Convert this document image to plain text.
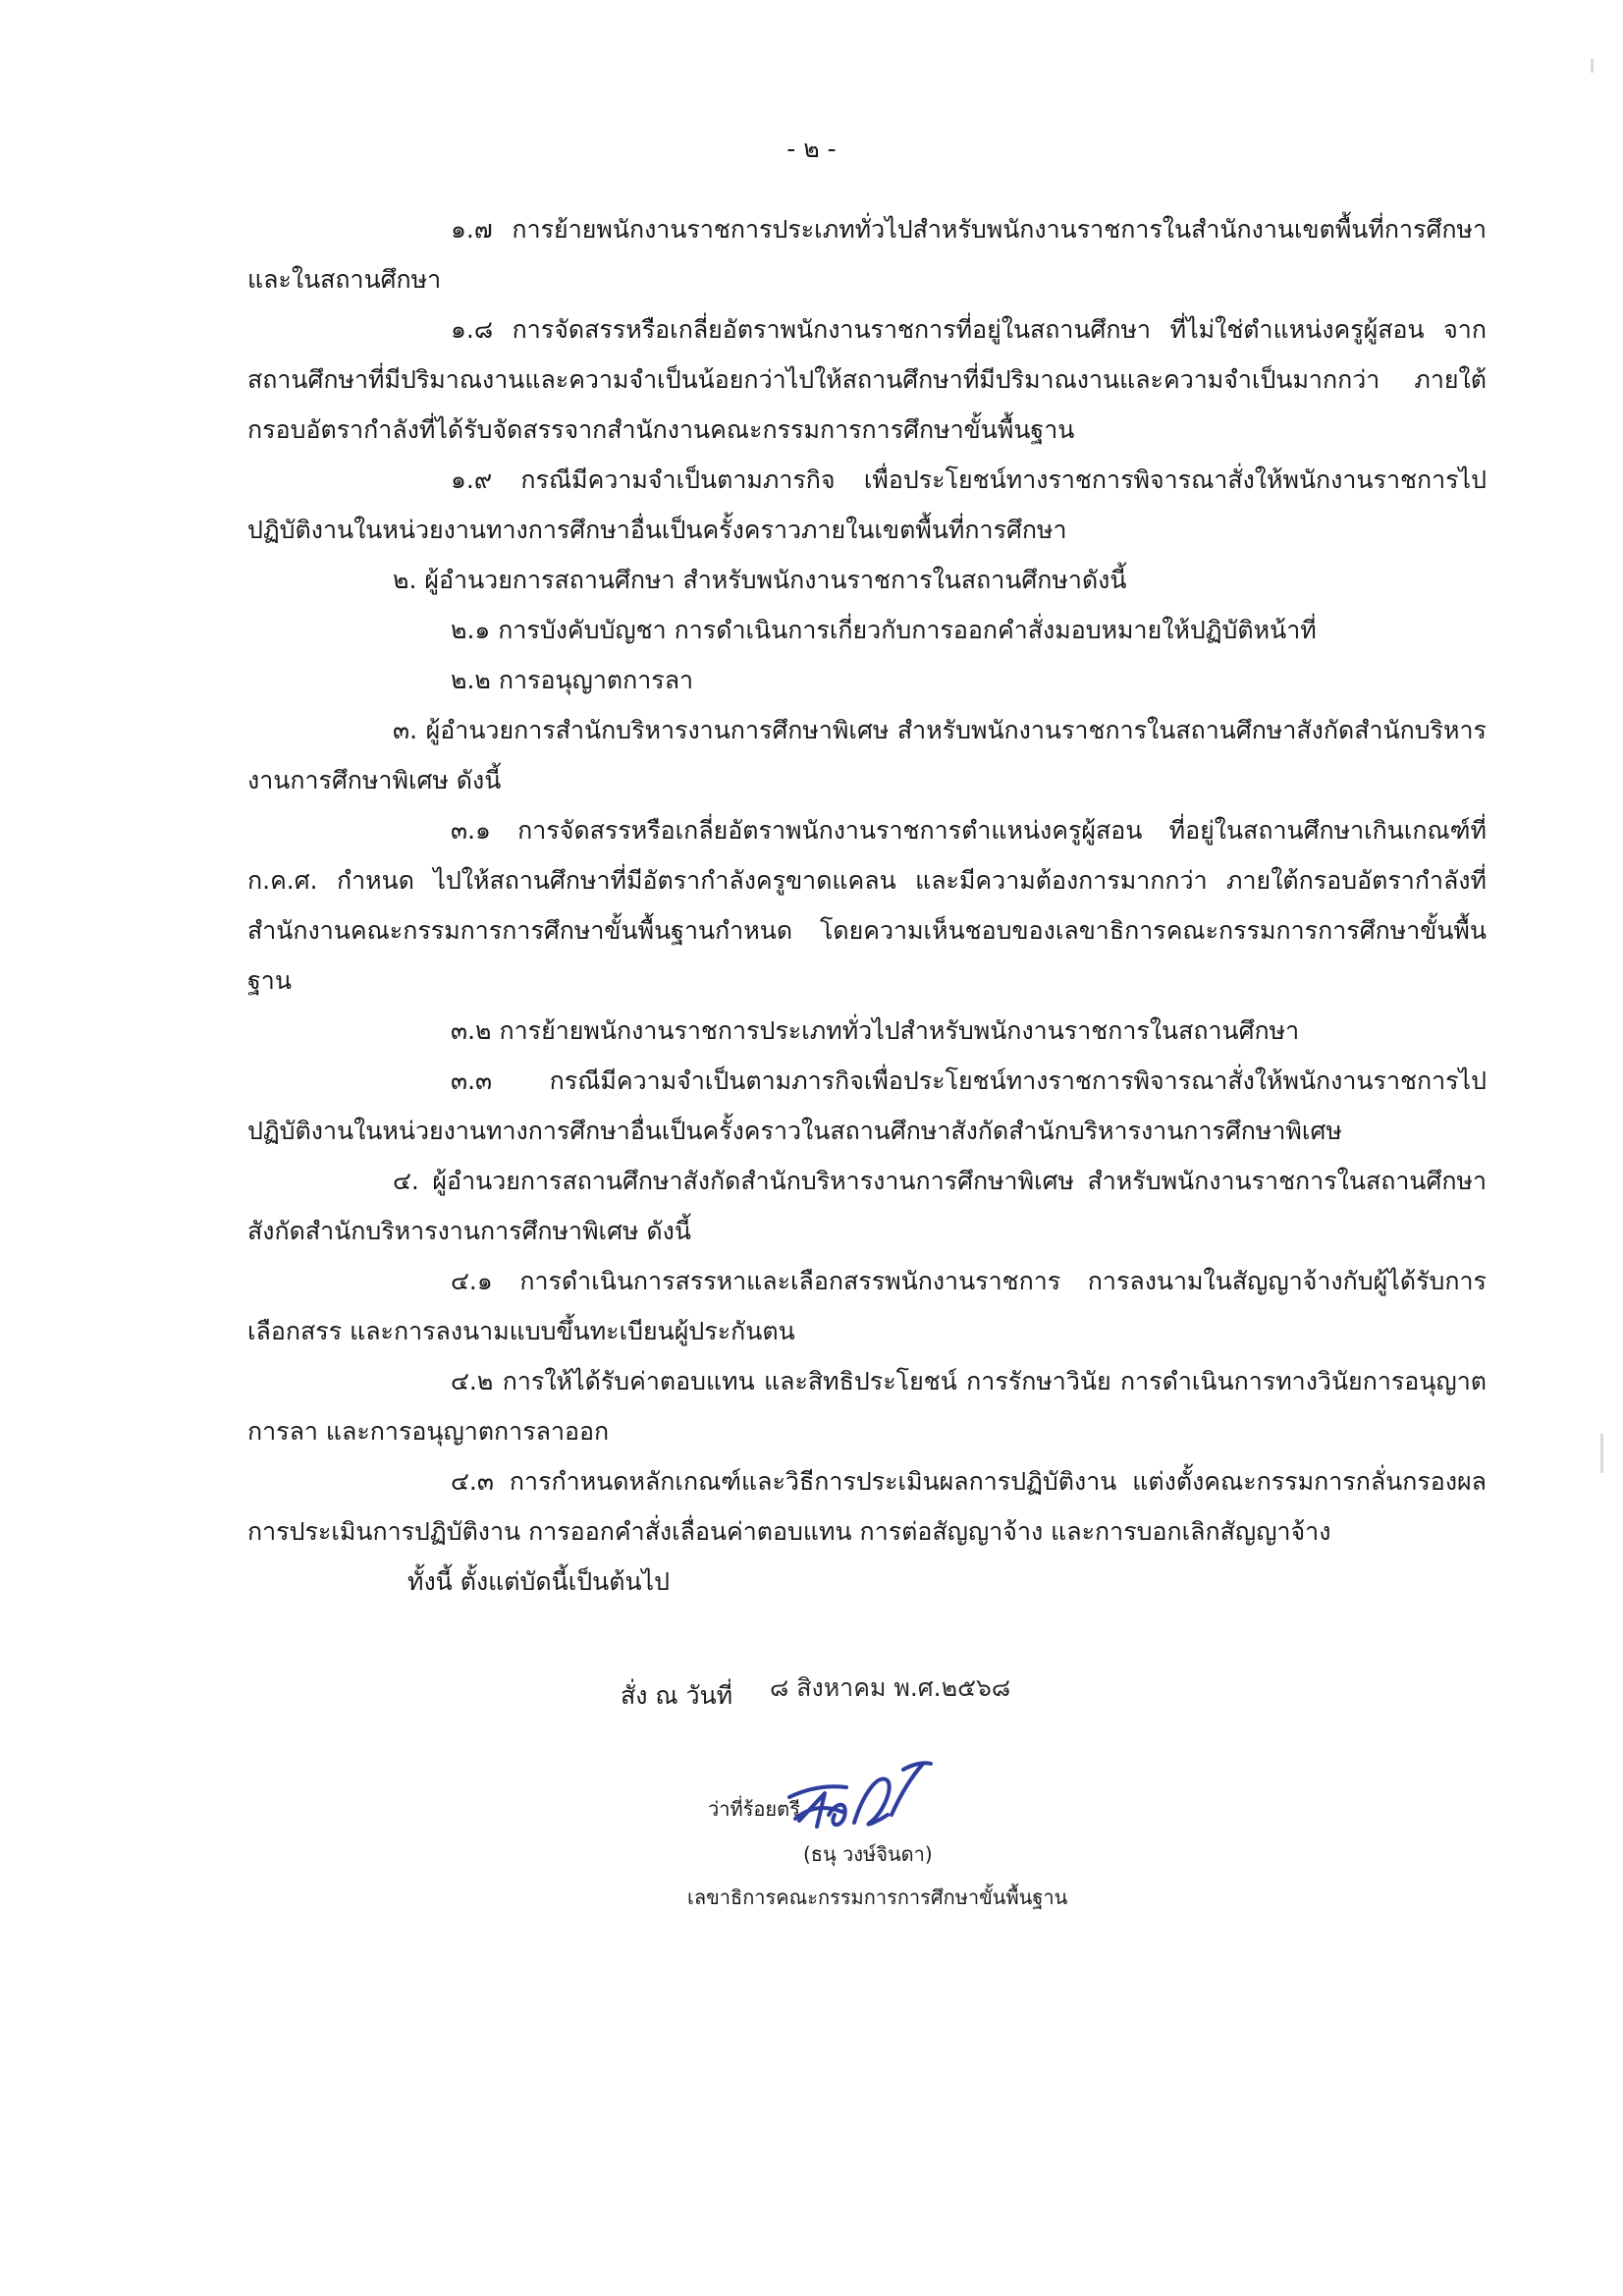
- ๒ -

๑.๗ การย้ายพนักงานราชการประเภททั่วไปสำหรับพนักงานราชการในสำนักงานเขตพื้นที่การศึกษาและในสถานศึกษา

๑.๘ การจัดสรรหรือเกลี่ยอัตราพนักงานราชการที่อยู่ในสถานศึกษา ที่ไม่ใช่ตำแหน่งครูผู้สอน จากสถานศึกษาที่มีปริมาณงานและความจำเป็นน้อยกว่าไปให้สถานศึกษาที่มีปริมาณงานและความจำเป็นมากกว่า ภายใต้กรอบอัตรากำลังที่ได้รับจัดสรรจากสำนักงานคณะกรรมการการศึกษาขั้นพื้นฐาน

๑.๙ กรณีมีความจำเป็นตามภารกิจ เพื่อประโยชน์ทางราชการพิจารณาสั่งให้พนักงานราชการไปปฏิบัติงานในหน่วยงานทางการศึกษาอื่นเป็นครั้งคราวภายในเขตพื้นที่การศึกษา

๒. ผู้อำนวยการสถานศึกษา สำหรับพนักงานราชการในสถานศึกษาดังนี้

๒.๑ การบังคับบัญชา การดำเนินการเกี่ยวกับการออกคำสั่งมอบหมายให้ปฏิบัติหน้าที่

๒.๒ การอนุญาตการลา

๓. ผู้อำนวยการสำนักบริหารงานการศึกษาพิเศษ สำหรับพนักงานราชการในสถานศึกษาสังกัดสำนักบริหารงานการศึกษาพิเศษ ดังนี้

๓.๑ การจัดสรรหรือเกลี่ยอัตราพนักงานราชการตำแหน่งครูผู้สอน ที่อยู่ในสถานศึกษาเกินเกณฑ์ที่ ก.ค.ศ. กำหนด ไปให้สถานศึกษาที่มีอัตรากำลังครูขาดแคลน และมีความต้องการมากกว่า ภายใต้กรอบอัตรากำลังที่สำนักงานคณะกรรมการการศึกษาขั้นพื้นฐานกำหนด โดยความเห็นชอบของเลขาธิการคณะกรรมการการศึกษาขั้นพื้นฐาน

๓.๒ การย้ายพนักงานราชการประเภททั่วไปสำหรับพนักงานราชการในสถานศึกษา

๓.๓ กรณีมีความจำเป็นตามภารกิจเพื่อประโยชน์ทางราชการพิจารณาสั่งให้พนักงานราชการไปปฏิบัติงานในหน่วยงานทางการศึกษาอื่นเป็นครั้งคราวในสถานศึกษาสังกัดสำนักบริหารงานการศึกษาพิเศษ

๔. ผู้อำนวยการสถานศึกษาสังกัดสำนักบริหารงานการศึกษาพิเศษ สำหรับพนักงานราชการในสถานศึกษาสังกัดสำนักบริหารงานการศึกษาพิเศษ ดังนี้

๔.๑ การดำเนินการสรรหาและเลือกสรรพนักงานราชการ การลงนามในสัญญาจ้างกับผู้ได้รับการเลือกสรร และการลงนามแบบขึ้นทะเบียนผู้ประกันตน

๔.๒ การให้ได้รับค่าตอบแทน และสิทธิประโยชน์ การรักษาวินัย การดำเนินการทางวินัยการอนุญาตการลา และการอนุญาตการลาออก

๔.๓ การกำหนดหลักเกณฑ์และวิธีการประเมินผลการปฏิบัติงาน แต่งตั้งคณะกรรมการกลั่นกรองผลการประเมินการปฏิบัติงาน การออกคำสั่งเลื่อนค่าตอบแทน การต่อสัญญาจ้าง และการบอกเลิกสัญญาจ้าง

ทั้งนี้ ตั้งแต่บัดนี้เป็นต้นไป

สั่ง ณ วันที่ ๘ สิงหาคม พ.ศ.๒๕๖๘
ว่าที่ร้อยตรี
(ธนุ วงษ์จินดา)
เลขาธิการคณะกรรมการการศึกษาขั้นพื้นฐาน
